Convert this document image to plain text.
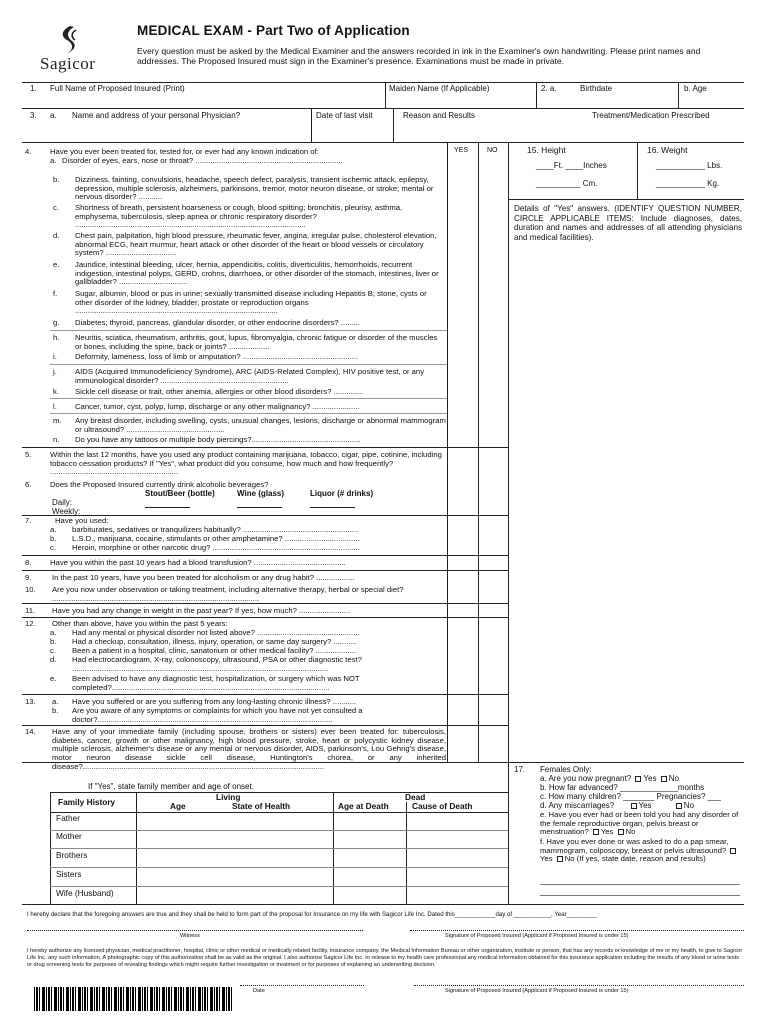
Sagicor
MEDICAL EXAM - Part Two of Application
Every question must be asked by the Medical Examiner and the answers recorded in ink in the Examiner's own handwriting. Please print names and addresses. The Proposed Insured must sign in the Examiner's presence. Examinations must be made in private.
1. Full Name of Proposed Insured (Print)	Maiden Name (If Applicable)	2. a.	Birthdate	b. Age
3. a. Name and address of your personal Physician?	Date of last visit	Reason and Results	Treatment/Medication Prescribed
YES	NO	15. Height	16. Weight
____Ft. ____Inches	___________ Lbs.
__________ Cm.	___________ Kg.
Details of "Yes" answers. (IDENTIFY QUESTION NUMBER, CIRCLE APPLICABLE ITEMS: Include diagnoses, dates, duration and names and addresses of all attending physicians and medical facilities).
4. Have you ever been treated for, tested for, or ever had any known indication of:
a. Disorder of eyes, ears, nose or throat? .....................................................................
b. Dizziness, fainting, convulsions, headache, speech defect, paralysis, transient ischemic attack, epilepsy, depression, multiple sclerosis, alzheimers, parkinsons, tremor, motor neuron disease, or stroke; mental or nervous disorder? ...........
c. Shortness of breath, persistent hoarseness or cough, blood spitting; bronchitis, pleurisy, asthma, emphysema, tuberculosis, sleep apnea or chronic respiratory disorder? ............................................................................................................
d. Chest pain, palpitation, high blood pressure, rheumatic fever, angina, irregular pulse, cholesterol elevation, abnormal ECG, heart murmur, heart attack or other disorder of the heart or blood vessels or circulatory system? .................................
e. Jaundice, intestinal bleeding, ulcer, hernia, appendicitis, colitis, diverticulitis, hemorrhoids, recurrent indigestion, intestinal polyps, GERD, crohns, diarrhoea, or other disorder of the stomach, intestines, liver or gallbladder? ................................
f. Sugar, albumin, blood or pus in urine; sexually transmitted disease including Hepatitis B; stone, cysts or other disorder of the kidney, bladder, prostate or reproduction organs ...............................................................................................
g. Diabetes; thyroid, pancreas, glandular disorder, or other endocrine disorders? .........
h. Neuritis, sciatica, rheumatism, arthritis, gout, lupus, fibromyalgia, chronic fatigue or disorder of the muscles or bones, including the spine, back or joints? ...................
i. Deformity, lameness, loss of limb or amputation? ......................................................
j. AIDS (Acquired Immunodeficiency Syndrome), ARC (AIDS-Related Complex), HIV positive test, or any immunological disorder? ............................................................
k. Sickle cell disease or trait, other anemia, allergies or other blood disorders? ..............
l. Cancer, tumor, cyst, polyp, lump, discharge or any other malignancy? ......................
m. Any breast disorder, including swelling, cysts, unusual changes, lesions, discharge or abnormal mammogram or ultrasound? ..............................................
n. Do you have any tattoos or multiple body piercings?...................................................
5. Within the last 12 months, have you used any product containing marijuana, tobacco, cigar, pipe, cotinine, including tobacco cessation products? If "Yes", what product did you consume, how much and how frequently? ............................................................
6. Does the Proposed Insured currently drink alcoholic beverages?
Stout/Beer (bottle)	Wine (glass)	Liquor (# drinks)
Daily:
Weekly:
7.	Have you used:
a. barbiturates, sedatives or tranquilizers habitually? ......................................................
b. L.S.D., marijuana, cocaine, stimulants or other amphetamine? ...................................
c. Heroin, morphine or other narcotic drug? .....................................................................
8. Have you within the past 10 years had a blood transfusion? ...........................................
9.	In the past 10 years, have you been treated for alcoholism or any drug habit? ..................
10. Are you now under observation or taking treatment, including alternative therapy, herbal or special diet? .................................................................................................
11. Have you had any change in weight in the past year? If yes, how much? ........................
12. Other than above, have you within the past 5 years:
a. Had any mental or physical disorder not listed above? ................................................
b. Had a checkup, consultation, illness, injury, operation, or same day surgery? ...........
c. Been a patient in a hospital, clinic, sanatorium or other medical facility? ...................
d. Had electrocardiogram, X-ray, colonoscopy, ultrasound, PSA or other diagnostic test? ........................................................................................................................
e. Been advised to have any diagnostic test, hospitalization, or surgery which was NOT completed?......................................................................................................
13. a. Have you suffered or are you suffering from any long-lasting chronic illness? ...........
b. Are you aware of any symptoms or complaints for which you have not yet consulted a doctor?..............................................................................................................
14. Have any of your immediate family (including spouse, brothers or sisters) ever been treated for: tuberculosis, diabetes, cancer, growth or other malignancy, high blood pressure, stroke, heart or polycystic kidney disease, multiple sclerosis, alzheimer's disease or any mental or nervous disorder, AIDS, parkinson's, Lou Gehrig's disease, motor neuron disease sickle cell disease, Huntington's chorea, or any inherited disease?.................................................................................................................
If "Yes", state family member and age of onset.
Living	Dead
Family History	Age	State of Health	Age at Death	Cause of Death
Father
Mother
Brothers
Sisters
Wife (Husband)
17. Females Only:
a. Are you now pregnant? Yes No
b. How far advanced? _____________months
c. How many children? _______ Pregnancies? ___
d. Any miscarriages?	Yes	No
e. Have you ever had or been told you had any disorder of the female reproductive organ, pelvis breast or menstruation? Yes No
f. Have you ever done or was asked to do a pap smear, mammogram, colposcopy, breast or pelvis ultrasound? Yes No (If yes, state date, reason and results)
I hereby declare that the foregoing answers are true and they shall be held to form part of the proposal for Insurance on my life with Sagicor Life Inc. Dated this____________day of ___________, Year_________
Witness	Signature of Proposed Insured (Applicant if Proposed Insured is under 15)
I hereby authorize any licensed physician, medical practitioner, hospital, clinic or other medical or medically related facility, insurance company, the Medical Information Bureau or other organization, institute or person, that has any records or knowledge of me or my health, to give to Sagicor Life Inc. any such information. A photographic copy of this authorization shall be as valid as the original. I also authorize Sagicor Life Inc. to release to my health care professional any medical information obtained for this insurance application including the results of any blood or urine tests or drug screening tests for purposes of revealing findings which might require further investigation or treatment or for purposes of explaining an underwriting decision.
Date	Signature of Proposed Insured (Applicant if Proposed Insured is under 15)
